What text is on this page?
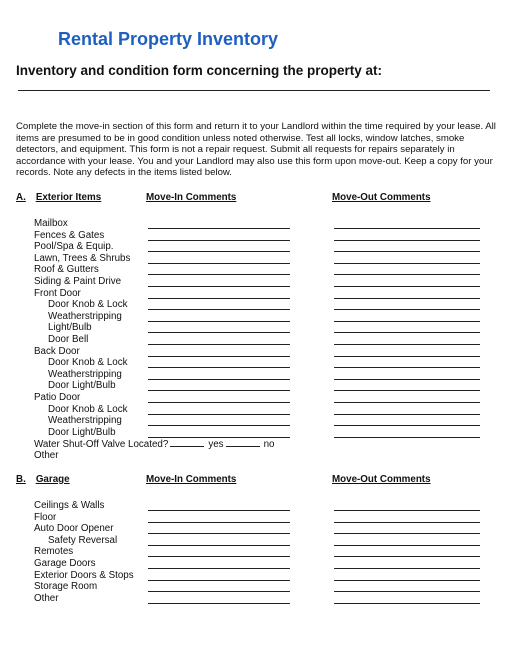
Rental Property Inventory
Inventory and condition form concerning the property at:

Complete the move-in section of this form and return it to your Landlord within the time required by your lease. All items are presumed to be in good condition unless noted otherwise. Test all locks, window latches, smoke detectors, and equipment. This form is not a repair request. Submit all requests for repairs separately in accordance with your lease. You and your Landlord may also use this form upon move-out. Keep a copy for your records. Note any defects in the items listed below.

A. Exterior Items	Move-In Comments	Move-Out Comments
Mailbox
Fences & Gates
Pool/Spa & Equip.
Lawn, Trees & Shrubs
Roof & Gutters
Siding & Paint Drive
Front Door
Door Knob & Lock
Weatherstripping
Light/Bulb
Door Bell
Back Door
Door Knob & Lock
Weatherstripping
Door Light/Bulb
Patio Door
Door Knob & Lock
Weatherstripping
Door Light/Bulb
Water Shut-Off Valve Located?	yes	no
Other
B. Garage	Move-In Comments	Move-Out Comments
Ceilings & Walls
Floor
Auto Door Opener
Safety Reversal
Remotes
Garage Doors
Exterior Doors & Stops
Storage Room
Other
